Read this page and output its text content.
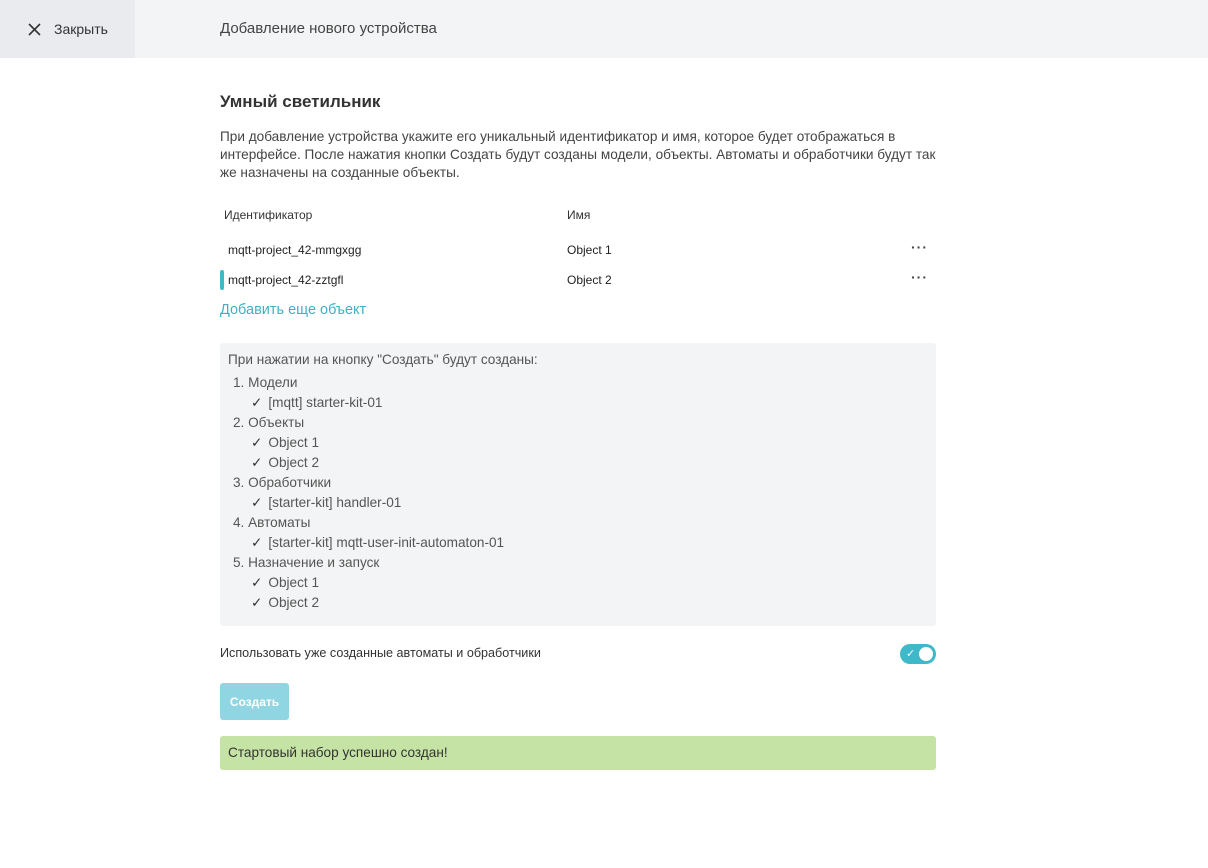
Закрыть	Добавление нового устройства
Умный светильник
При добавление устройства укажите его уникальный идентификатор и имя, которое будет отображаться в интерфейсе. После нажатия кнопки Создать будут созданы модели, объекты. Автоматы и обработчики будут так же назначены на созданные объекты.
Идентификатор	Имя
mqtt-project_42-mmgxgg	Object 1	···
mqtt-project_42-zztgfl	Object 2	···
Добавить еще объект
При нажатии на кнопку "Создать" будут созданы:
1. Модели
✓ [mqtt] starter-kit-01
2. Объекты
✓ Object 1
✓ Object 2
3. Обработчики
✓ [starter-kit] handler-01
4. Автоматы
✓ [starter-kit] mqtt-user-init-automaton-01
5. Назначение и запуск
✓ Object 1
✓ Object 2
Использовать уже созданные автоматы и обработчики	✓
Создать
Стартовый набор успешно создан!
